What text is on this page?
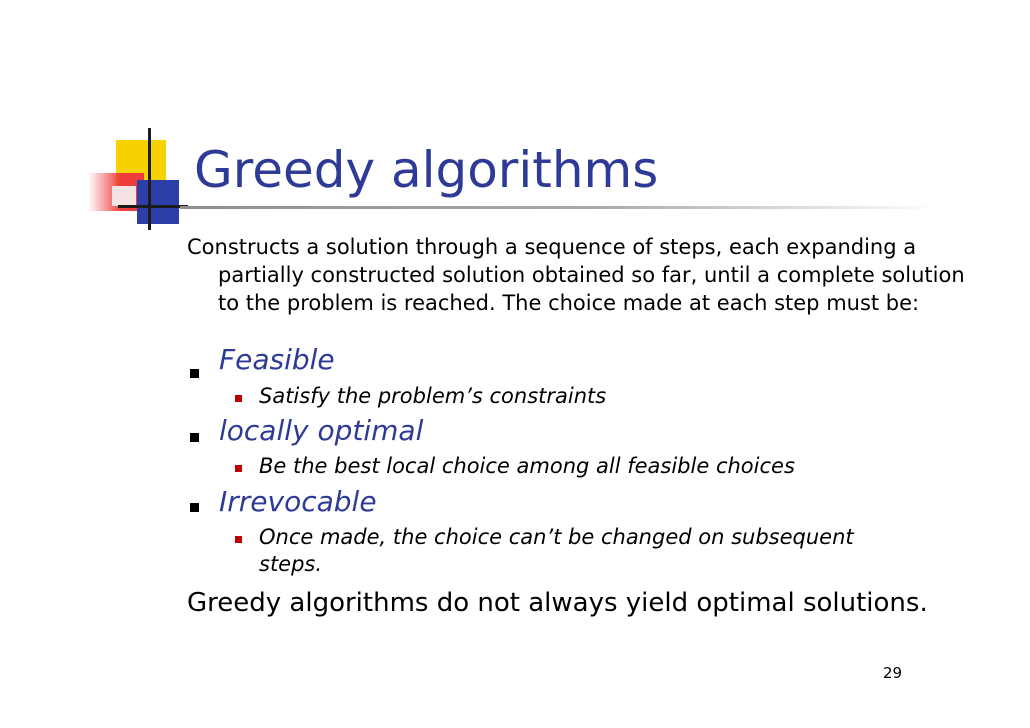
Greedy algorithms
Constructs a solution through a sequence of steps, each expanding a partially constructed solution obtained so far, until a complete solution to the problem is reached. The choice made at each step must be:
Feasible
Satisfy the problem’s constraints
locally optimal
Be the best local choice among all feasible choices
Irrevocable
Once made, the choice can’t be changed on subsequent steps.
Greedy algorithms do not always yield optimal solutions.
29
